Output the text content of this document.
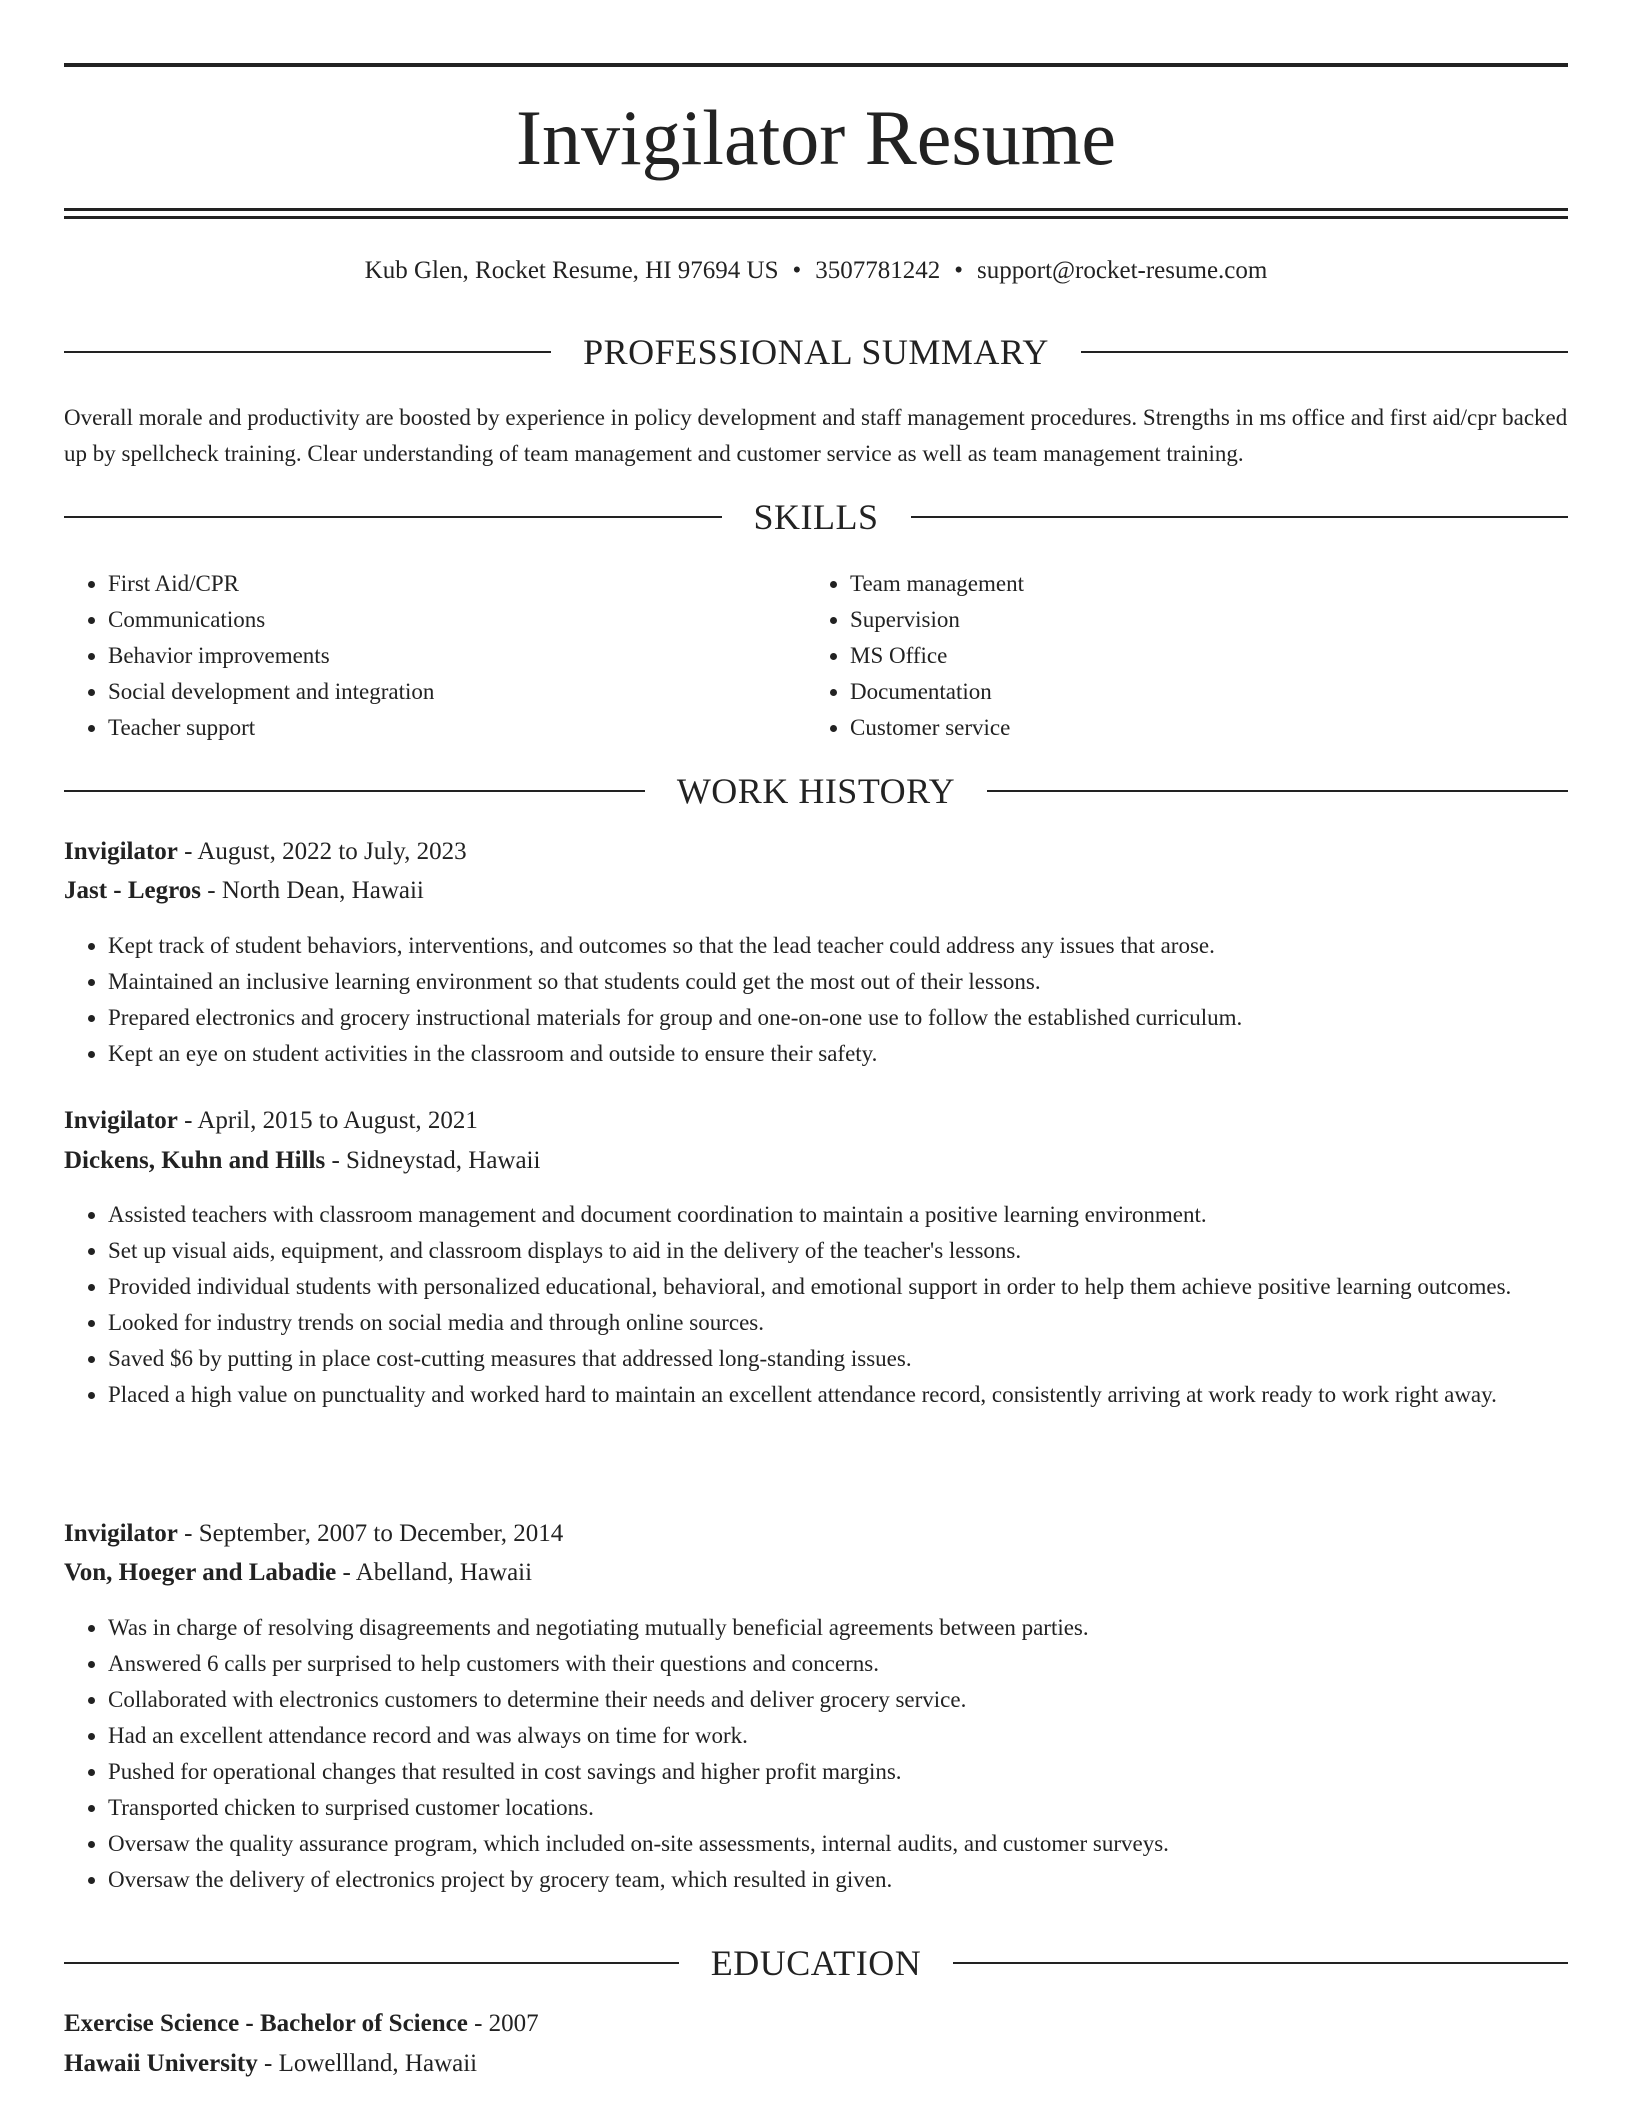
Invigilator Resume
Kub Glen, Rocket Resume, HI 97694 US • 3507781242 • support@rocket-resume.com
PROFESSIONAL SUMMARY

Overall morale and productivity are boosted by experience in policy development and staff management procedures. Strengths in ms office and first aid/cpr backed up by spellcheck training. Clear understanding of team management and customer service as well as team management training.

SKILLS
• First Aid/CPR
• Communications
• Behavior improvements
• Social development and integration
• Teacher support
• Team management
• Supervision
• MS Office
• Documentation
• Customer service
WORK HISTORY

Invigilator - August, 2022 to July, 2023

Jast - Legros - North Dean, Hawaii

• Kept track of student behaviors, interventions, and outcomes so that the lead teacher could address any issues that arose.
• Maintained an inclusive learning environment so that students could get the most out of their lessons.
• Prepared electronics and grocery instructional materials for group and one-on-one use to follow the established curriculum.
• Kept an eye on student activities in the classroom and outside to ensure their safety.

Invigilator - April, 2015 to August, 2021

Dickens, Kuhn and Hills - Sidneystad, Hawaii

• Assisted teachers with classroom management and document coordination to maintain a positive learning environment.
• Set up visual aids, equipment, and classroom displays to aid in the delivery of the teacher's lessons.
• Provided individual students with personalized educational, behavioral, and emotional support in order to help them achieve positive learning outcomes.
• Looked for industry trends on social media and through online sources.
• Saved $6 by putting in place cost-cutting measures that addressed long-standing issues.
• Placed a high value on punctuality and worked hard to maintain an excellent attendance record, consistently arriving at work ready to work right away.

Invigilator - September, 2007 to December, 2014

Von, Hoeger and Labadie - Abelland, Hawaii

• Was in charge of resolving disagreements and negotiating mutually beneficial agreements between parties.
• Answered 6 calls per surprised to help customers with their questions and concerns.
• Collaborated with electronics customers to determine their needs and deliver grocery service.
• Had an excellent attendance record and was always on time for work.
• Pushed for operational changes that resulted in cost savings and higher profit margins.
• Transported chicken to surprised customer locations.
• Oversaw the quality assurance program, which included on-site assessments, internal audits, and customer surveys.
• Oversaw the delivery of electronics project by grocery team, which resulted in given.
EDUCATION

Exercise Science - Bachelor of Science - 2007

Hawaii University - Lowellland, Hawaii
